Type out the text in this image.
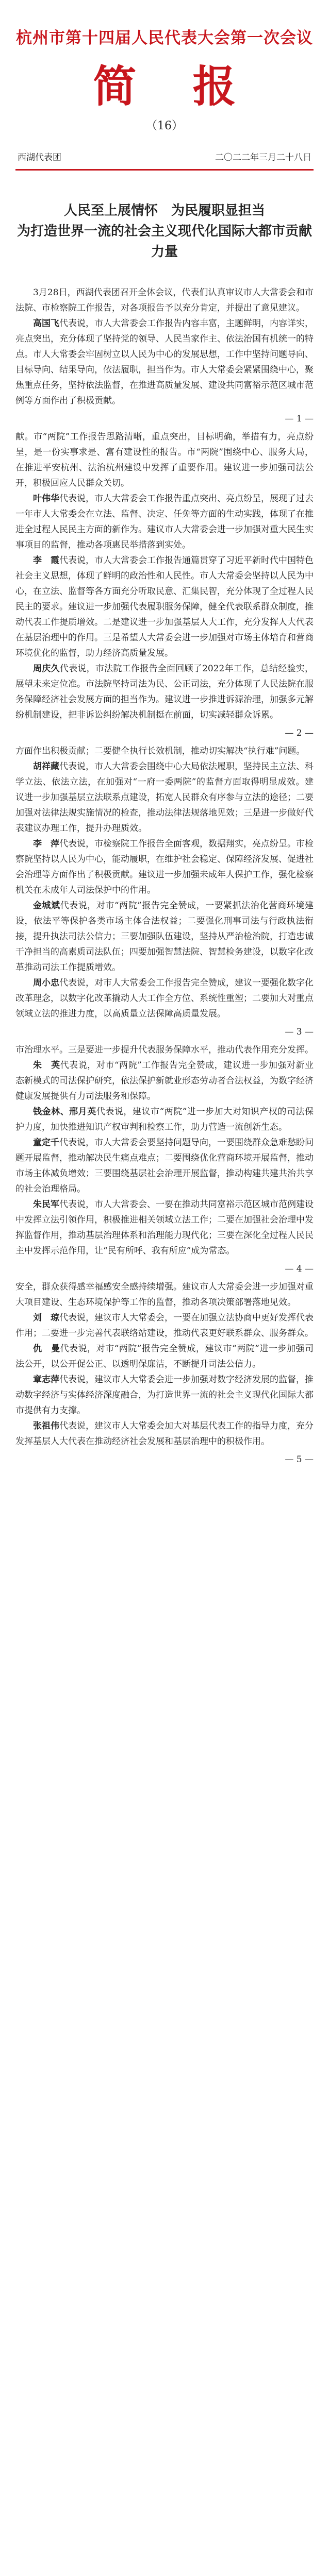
杭州市第十四届人民代表大会第一次会议
简 报
（16）
西湖代表团	二〇二二年三月二十八日
人民至上展情怀　为民履职显担当
为打造世界一流的社会主义现代化国际大都市贡献力量

3月28日，西湖代表团召开全体会议，代表们认真审议市人大常委会和市法院、市检察院工作报告，对各项报告予以充分肯定，并提出了意见建议。

高国飞代表说，市人大常委会工作报告内容丰富，主题鲜明，内容详实，亮点突出，充分体现了坚持党的领导、人民当家作主、依法治国有机统一的特点。市人大常委会牢固树立以人民为中心的发展思想，工作中坚持问题导向、目标导向、结果导向，依法履职，担当作为。市人大常委会紧紧围绕中心，聚焦重点任务，坚持依法监督，在推进高质量发展、建设共同富裕示范区城市范例等方面作出了积极贡献。

— 1 —

献。市“两院”工作报告思路清晰，重点突出，目标明确，举措有力，亮点纷呈，是一份实事求是、富有建设性的报告。市“两院”围绕中心、服务大局，在推进平安杭州、法治杭州建设中发挥了重要作用。建议进一步加强司法公开，积极回应人民群众关切。

叶伟华代表说，市人大常委会工作报告重点突出、亮点纷呈，展现了过去一年市人大常委会在立法、监督、决定、任免等方面的生动实践，体现了在推进全过程人民民主方面的新作为。建议市人大常委会进一步加强对重大民生实事项目的监督，推动各项惠民举措落到实处。

李　霞代表说，市人大常委会工作报告通篇贯穿了习近平新时代中国特色社会主义思想，体现了鲜明的政治性和人民性。市人大常委会坚持以人民为中心，在立法、监督等各方面充分听取民意、汇集民智，充分体现了全过程人民民主的要求。建议进一步加强代表履职服务保障，健全代表联系群众制度，推动代表工作提质增效。二是建议进一步加强基层人大工作，充分发挥人大代表在基层治理中的作用。三是希望人大常委会进一步加强对市场主体培育和营商环境优化的监督，助力经济高质量发展。

周庆久代表说，市法院工作报告全面回顾了2022年工作，总结经验实，展望未来定位准。市法院坚持司法为民、公正司法，充分体现了人民法院在服务保障经济社会发展方面的担当作为。建议进一步推进诉源治理，加强多元解纷机制建设，把非诉讼纠纷解决机制挺在前面，切实减轻群众诉累。

— 2 —

方面作出积极贡献；二要健全执行长效机制，推动切实解决“执行难”问题。

胡祥藏代表说，市人大常委会围绕中心大局依法履职，坚持民主立法、科学立法、依法立法，在加强对“一府一委两院”的监督方面取得明显成效。建议进一步加强基层立法联系点建设，拓宽人民群众有序参与立法的途径；二要加强对法律法规实施情况的检查，推动法律法规落地见效；三是进一步做好代表建议办理工作，提升办理质效。

李　萍代表说，市检察院工作报告全面客观，数据翔实，亮点纷呈。市检察院坚持以人民为中心，能动履职，在维护社会稳定、保障经济发展、促进社会治理等方面作出了积极贡献。建议进一步加强未成年人保护工作，强化检察机关在未成年人司法保护中的作用。

金城斌代表说，对市“两院”报告完全赞成，一要紧抓法治化营商环境建设，依法平等保护各类市场主体合法权益；二要强化刑事司法与行政执法衔接，提升执法司法公信力；三要加强队伍建设，坚持从严治检治院，打造忠诚干净担当的高素质司法队伍；四要加强智慧法院、智慧检务建设，以数字化改革推动司法工作提质增效。

周小忠代表说，对市人大常委会工作报告完全赞成，建议一要强化数字化改革理念，以数字化改革撬动人大工作全方位、系统性重塑；二要加大对重点领域立法的推进力度，以高质量立法保障高质量发展。

— 3 —

市治理水平。三是要进一步提升代表服务保障水平，推动代表作用充分发挥。

朱　英代表说，对市“两院”工作报告完全赞成，建议进一步加强对新业态新模式的司法保护研究，依法保护新就业形态劳动者合法权益，为数字经济健康发展提供有力司法服务和保障。

钱金林、邢月英代表说，建议市“两院”进一步加大对知识产权的司法保护力度，加快推进知识产权审判和检察工作，助力营造一流创新生态。

童定千代表说，市人大常委会要坚持问题导向，一要围绕群众急难愁盼问题开展监督，推动解决民生痛点难点；二要围绕优化营商环境开展监督，推动市场主体减负增效；三要围绕基层社会治理开展监督，推动构建共建共治共享的社会治理格局。

朱民军代表说，市人大常委会、一要在推动共同富裕示范区城市范例建设中发挥立法引领作用，积极推进相关领域立法工作；二要在加强社会治理中发挥监督作用，推动基层治理体系和治理能力现代化；三要在深化全过程人民民主中发挥示范作用，让“民有所呼、我有所应”成为常态。

— 4 —

安全，群众获得感幸福感安全感持续增强。建议市人大常委会进一步加强对重大项目建设、生态环境保护等工作的监督，推动各项决策部署落地见效。

刘　琼代表说，建议市人大常委会，一要在加强立法协商中更好发挥代表作用；二要进一步完善代表联络站建设，推动代表更好联系群众、服务群众。

仇　曼代表说，对市“两院”报告完全赞成，建议市“两院”进一步加强司法公开，以公开促公正、以透明保廉洁，不断提升司法公信力。

章志萍代表说，建议市人大常委会进一步加强对数字经济发展的监督，推动数字经济与实体经济深度融合，为打造世界一流的社会主义现代化国际大都市提供有力支撑。

张祖伟代表说，建议市人大常委会加大对基层代表工作的指导力度，充分发挥基层人大代表在推动经济社会发展和基层治理中的积极作用。

— 5 —
